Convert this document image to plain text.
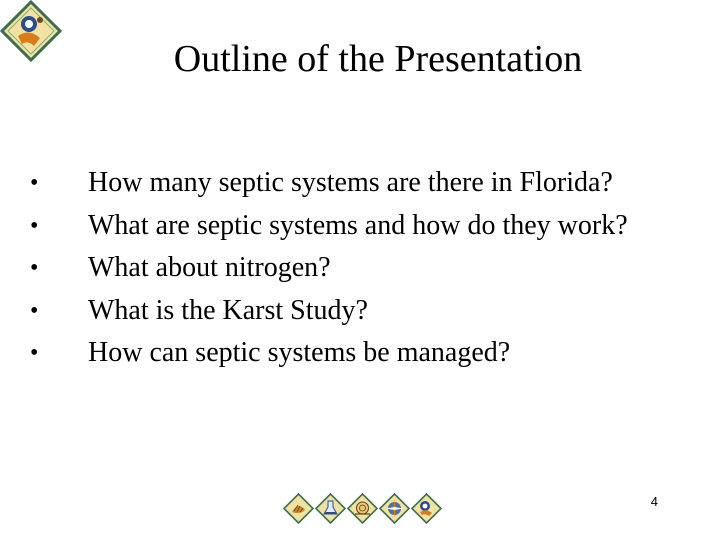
Outline of the Presentation
• How many septic systems are there in Florida?
• What are septic systems and how do they work?
• What about nitrogen?
• What is the Karst Study?
• How can septic systems be managed?
4
